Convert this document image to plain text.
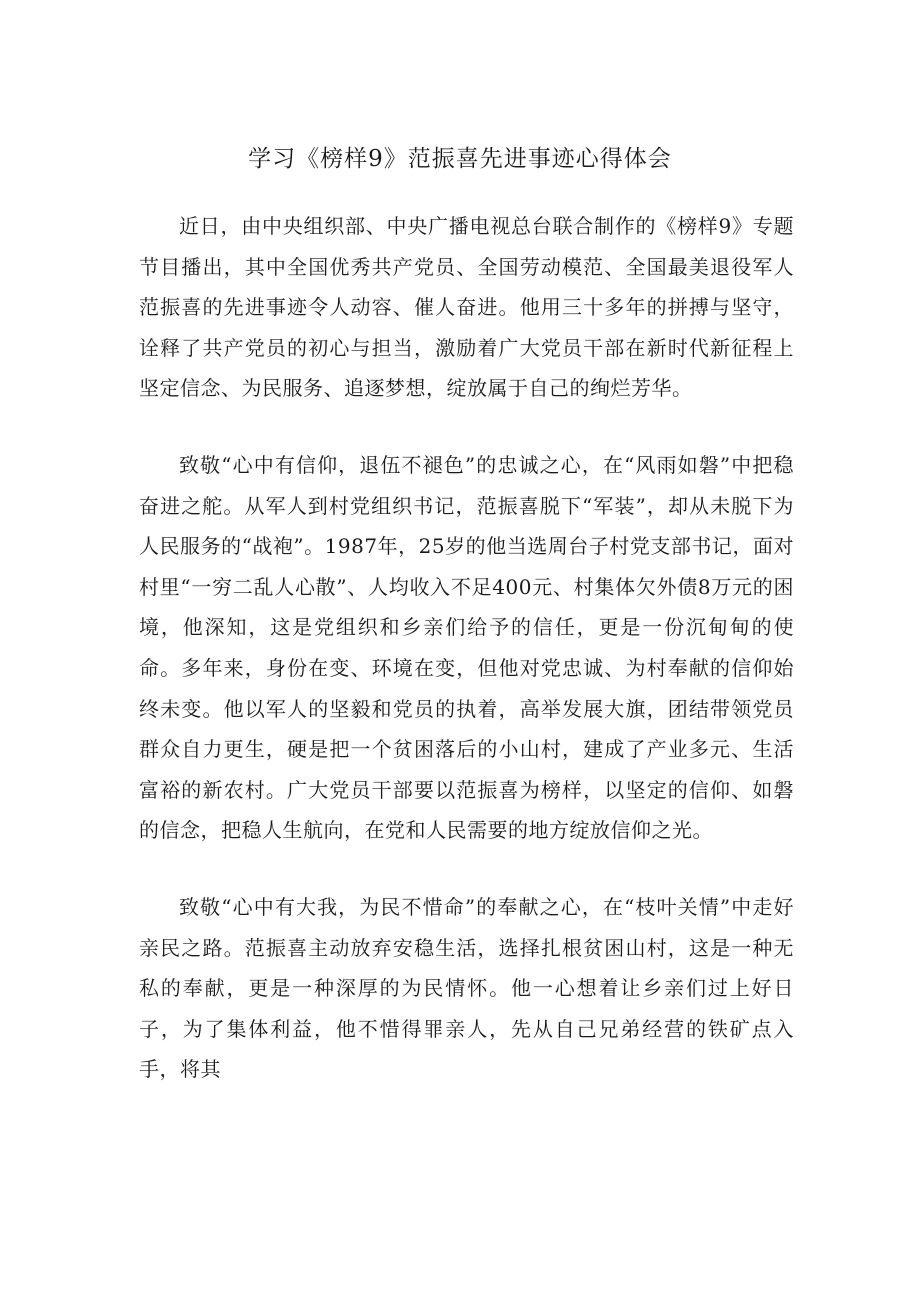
学习《榜样9》范振喜先进事迹心得体会

近日，由中央组织部、中央广播电视总台联合制作的《榜样9》专题节目播出，其中全国优秀共产党员、全国劳动模范、全国最美退役军人范振喜的先进事迹令人动容、催人奋进。他用三十多年的拼搏与坚守，诠释了共产党员的初心与担当，激励着广大党员干部在新时代新征程上坚定信念、为民服务、追逐梦想，绽放属于自己的绚烂芳华。

致敬“心中有信仰，退伍不褪色”的忠诚之心，在“风雨如磐”中把稳奋进之舵。从军人到村党组织书记，范振喜脱下“军装”，却从未脱下为人民服务的“战袍”。1987年，25岁的他当选周台子村党支部书记，面对村里“一穷二乱人心散”、人均收入不足400元、村集体欠外债8万元的困境，他深知，这是党组织和乡亲们给予的信任，更是一份沉甸甸的使命。多年来，身份在变、环境在变，但他对党忠诚、为村奉献的信仰始终未变。他以军人的坚毅和党员的执着，高举发展大旗，团结带领党员群众自力更生，硬是把一个贫困落后的小山村，建成了产业多元、生活富裕的新农村。广大党员干部要以范振喜为榜样，以坚定的信仰、如磐的信念，把稳人生航向，在党和人民需要的地方绽放信仰之光。

致敬“心中有大我，为民不惜命”的奉献之心，在“枝叶关情”中走好亲民之路。范振喜主动放弃安稳生活，选择扎根贫困山村，这是一种无私的奉献，更是一种深厚的为民情怀。他一心想着让乡亲们过上好日子，为了集体利益，他不惜得罪亲人，先从自己兄弟经营的铁矿点入手，将其
